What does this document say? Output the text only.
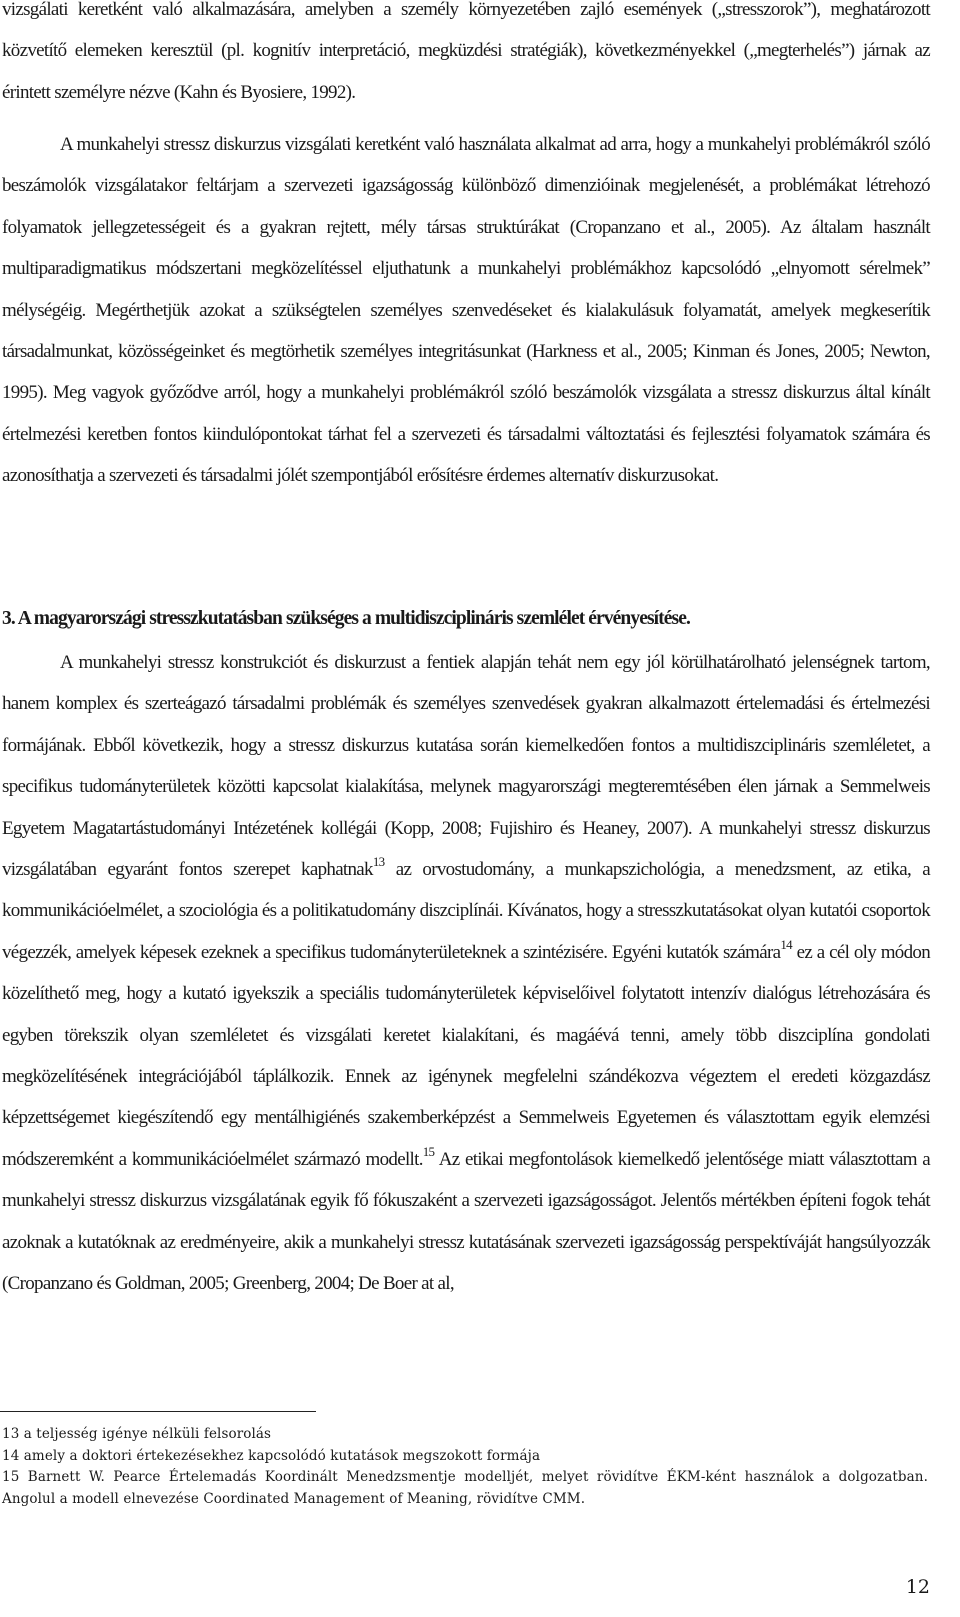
vizsgálati keretként való alkalmazására, amelyben a személy környezetében zajló események („stresszorok”), meghatározott közvetítő elemeken keresztül (pl. kognitív interpretáció, megküzdési stratégiák), következményekkel („megterhelés”) járnak az érintett személyre nézve (Kahn és Byosiere, 1992).
A munkahelyi stressz diskurzus vizsgálati keretként való használata alkalmat ad arra, hogy a munkahelyi problémákról szóló beszámolók vizsgálatakor feltárjam a szervezeti igazságosság különböző dimenzióinak megjelenését, a problémákat létrehozó folyamatok jellegzetességeit és a gyakran rejtett, mély társas struktúrákat (Cropanzano et al., 2005). Az általam használt multiparadigmatikus módszertani megközelítéssel eljuthatunk a munkahelyi problémákhoz kapcsolódó „elnyomott sérelmek” mélységéig. Megérthetjük azokat a szükségtelen személyes szenvedéseket és kialakulásuk folyamatát, amelyek megkeserítik társadalmunkat, közösségeinket és megtörhetik személyes integritásunkat (Harkness et al., 2005; Kinman és Jones, 2005; Newton, 1995). Meg vagyok győződve arról, hogy a munkahelyi problémákról szóló beszámolók vizsgálata a stressz diskurzus által kínált értelmezési keretben fontos kiindulópontokat tárhat fel a szervezeti és társadalmi változtatási és fejlesztési folyamatok számára és azonosíthatja a szervezeti és társadalmi jólét szempontjából erősítésre érdemes alternatív diskurzusokat.
3. A magyarországi stresszkutatásban szükséges a multidiszciplináris szemlélet érvényesítése.
A munkahelyi stressz konstrukciót és diskurzust a fentiek alapján tehát nem egy jól körülhatárolható jelenségnek tartom, hanem komplex és szerteágazó társadalmi problémák és személyes szenvedések gyakran alkalmazott értelemadási és értelmezési formájának. Ebből következik, hogy a stressz diskurzus kutatása során kiemelkedően fontos a multidiszciplináris szemléletet, a specifikus tudományterületek közötti kapcsolat kialakítása, melynek magyarországi megteremtésében élen járnak a Semmelweis Egyetem Magatartástudományi Intézetének kollégái (Kopp, 2008; Fujishiro és Heaney, 2007). A munkahelyi stressz diskurzus vizsgálatában egyaránt fontos szerepet kaphatnak$^{13}$ az orvostudomány, a munkapszichológia, a menedzsment, az etika, a kommunikációelmélet, a szociológia és a politikatudomány diszciplínái. Kívánatos, hogy a stresszkutatásokat olyan kutatói csoportok végezzék, amelyek képesek ezeknek a specifikus tudományterületeknek a szintézisére. Egyéni kutatók számára$^{14}$ ez a cél oly módon közelíthető meg, hogy a kutató igyekszik a speciális tudományterületek képviselőivel folytatott intenzív dialógus létrehozására és egyben törekszik olyan szemléletet és vizsgálati keretet kialakítani, és magáévá tenni, amely több diszciplína gondolati megközelítésének integrációjából táplálkozik. Ennek az igénynek megfelelni szándékozva végeztem el eredeti közgazdász képzettségemet kiegészítendő egy mentálhigiénés szakemberképzést a Semmelweis Egyetemen és választottam egyik elemzési módszeremként a kommunikációelmélet származó modellt.$^{15}$ Az etikai megfontolások kiemelkedő jelentősége miatt választottam a munkahelyi stressz diskurzus vizsgálatának egyik fő fókuszaként a szervezeti igazságosságot. Jelentős mértékben építeni fogok tehát azoknak a kutatóknak az eredményeire, akik a munkahelyi stressz kutatásának szervezeti igazságosság perspektíváját hangsúlyozzák (Cropanzano és Goldman, 2005; Greenberg, 2004; De Boer at al,
13 a teljesség igénye nélküli felsorolás
14 amely a doktori értekezésekhez kapcsolódó kutatások megszokott formája
15 Barnett W. Pearce Értelemadás Koordinált Menedzsmentje modelljét, melyet rövidítve ÉKM-ként használok a dolgozatban. Angolul a modell elnevezése Coordinated Management of Meaning, rövidítve CMM.
12
